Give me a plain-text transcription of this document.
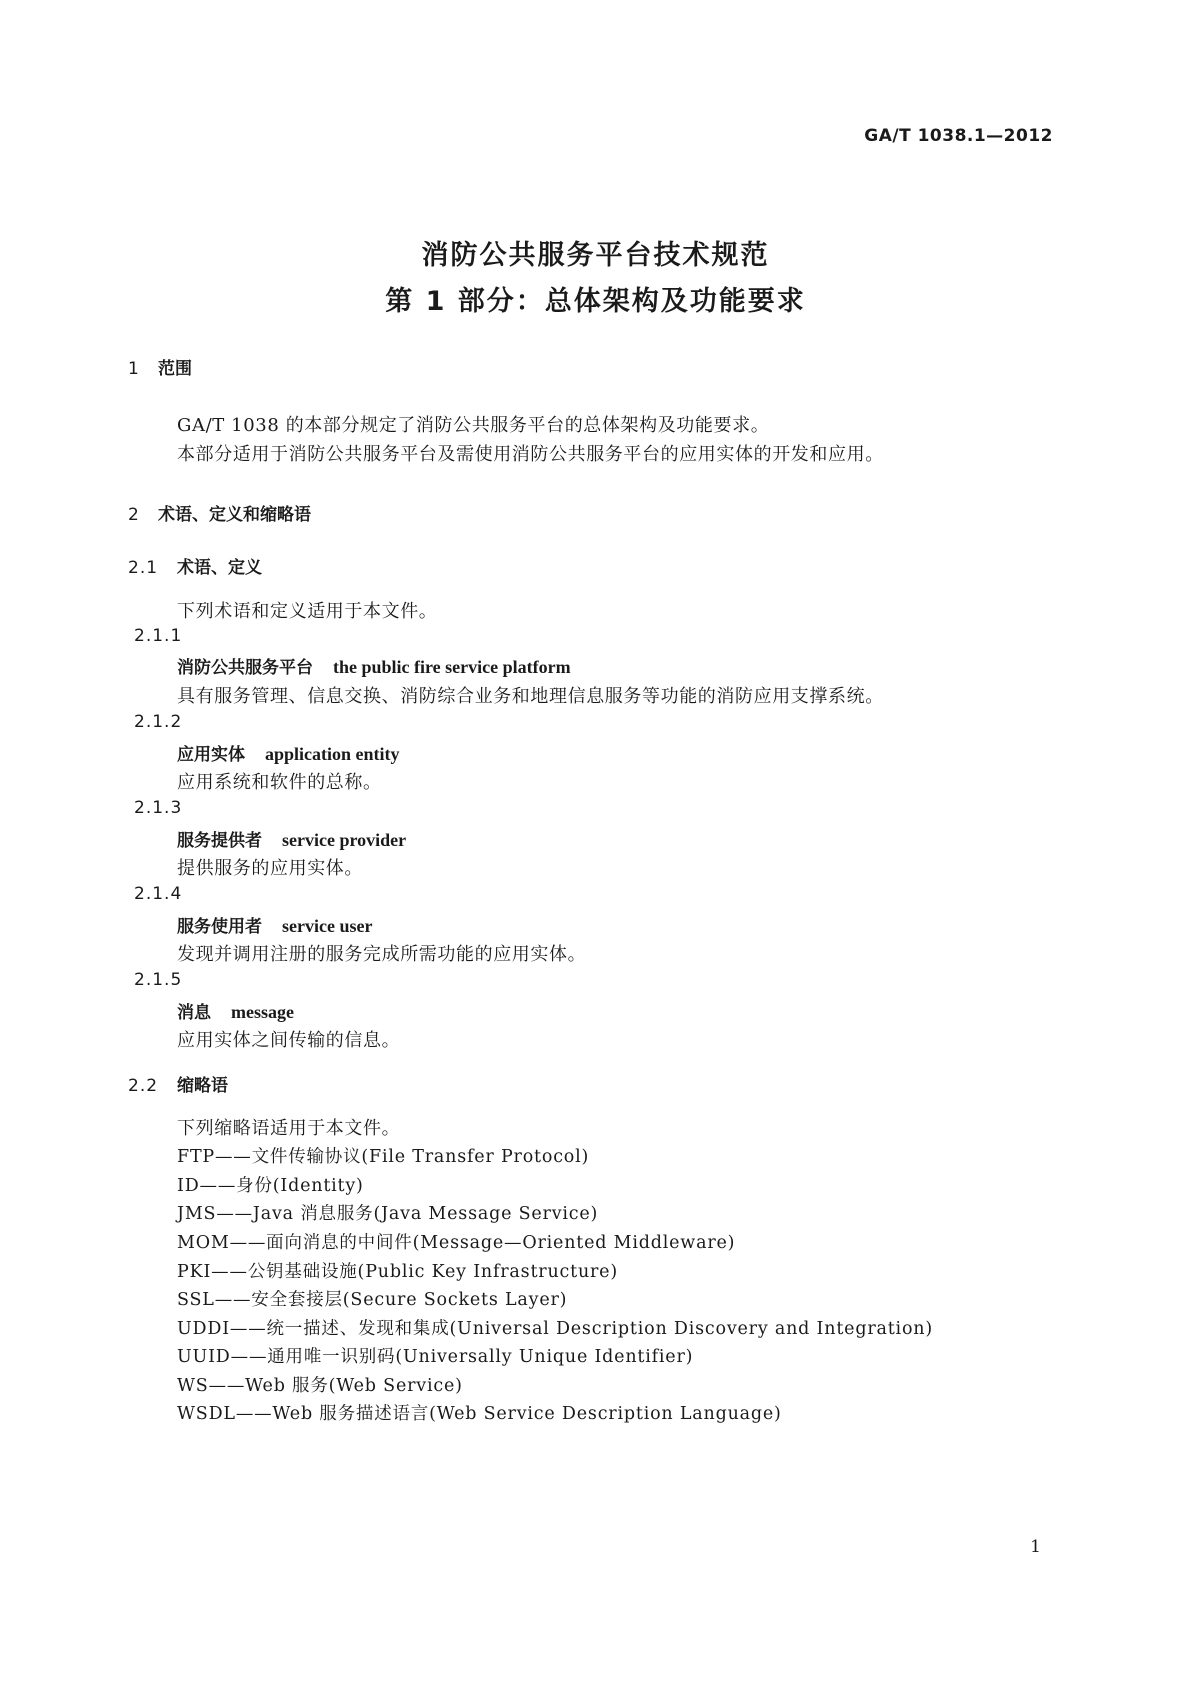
GA/T 1038.1—2012
消防公共服务平台技术规范
第 1 部分：总体架构及功能要求
1 范围
GA/T 1038 的本部分规定了消防公共服务平台的总体架构及功能要求。
本部分适用于消防公共服务平台及需使用消防公共服务平台的应用实体的开发和应用。
2 术语、定义和缩略语
2.1 术语、定义
下列术语和定义适用于本文件。
2.1.1
消防公共服务平台 the public fire service platform
具有服务管理、信息交换、消防综合业务和地理信息服务等功能的消防应用支撑系统。
2.1.2
应用实体 application entity
应用系统和软件的总称。
2.1.3
服务提供者 service provider
提供服务的应用实体。
2.1.4
服务使用者 service user
发现并调用注册的服务完成所需功能的应用实体。
2.1.5
消息 message
应用实体之间传输的信息。
2.2 缩略语
下列缩略语适用于本文件。
FTP——文件传输协议(File Transfer Protocol)
ID——身份(Identity)
JMS——Java 消息服务(Java Message Service)
MOM——面向消息的中间件(Message—Oriented Middleware)
PKI——公钥基础设施(Public Key Infrastructure)
SSL——安全套接层(Secure Sockets Layer)
UDDI——统一描述、发现和集成(Universal Description Discovery and Integration)
UUID——通用唯一识别码(Universally Unique Identifier)
WS——Web 服务(Web Service)
WSDL——Web 服务描述语言(Web Service Description Language)
1
